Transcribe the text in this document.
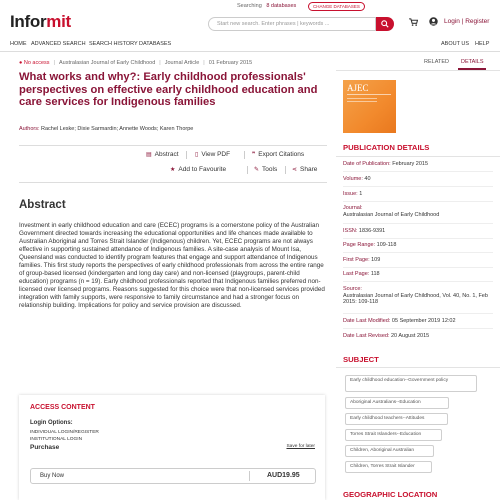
Informit
Searching 8 databases	CHANGE DATABASES
Start new search. Enter phrases | keywords ...	Login | Register
HOME ADVANCED SEARCH SEARCH HISTORY DATABASES	ABOUT US HELP
● No access | Australasian Journal of Early Childhood | Journal Article | 01 February 2015
What works and why?: Early childhood professionals' perspectives on effective early childhood education and care services for Indigenous families
Authors: Rachel Leske; Dixie Sarmardin; Annette Woods; Karen Thorpe
▤ Abstract	▯ View PDF	❞ Export Citations
★ Add to Favourite	✎ Tools ⋖ Share
Abstract

Investment in early childhood education and care (ECEC) programs is a cornerstone policy of the Australian Government directed towards increasing the educational opportunities and life chances made available to Australian Aboriginal and Torres Strait Islander (Indigenous) children. Yet, ECEC programs are not always effective in supporting sustained attendance of Indigenous families. A site-case analysis of Mount Isa, Queensland was conducted to identify program features that engage and support attendance of Indigenous families. This first study reports the perspectives of early childhood professionals from across the entire range of group-based licensed (kindergarten and long day care) and non-licensed (playgroups, parent-child education) programs (n = 19). Early childhood professionals reported that Indigenous families preferred non-licensed over licensed programs. Reasons suggested for this choice were that non-licensed services provided integration with family supports, were responsive to family circumstance and had a stronger focus on relationship building. Implications for policy and service provision are discussed.

ACCESS CONTENT
Login Options:
INDIVIDUAL LOGIN/REGISTER
INSTITUTIONAL LOGIN
Purchase	Save for later
Buy Now	AUD19.95
RELATED DETAILS
AJEC
PUBLICATION DETAILS
Date of Publication: February 2015
Volume: 40
Issue: 1
Journal:
Australasian Journal of Early Childhood
ISSN: 1836-9391
Page Range: 109-118
First Page: 109
Last Page: 118
Source:
Australasian Journal of Early Childhood, Vol. 40, No. 1, Feb 2015: 109-118
Date Last Modified: 05 September 2019 12:02
Date Last Revised: 20 August 2015
SUBJECT
Early childhood education--Government policy
Aboriginal Australians--Education
Early childhood teachers--Attitudes
Torres Strait Islanders--Education
Children, Aboriginal Australian
Children, Torres Strait Islander
GEOGRAPHIC LOCATION
